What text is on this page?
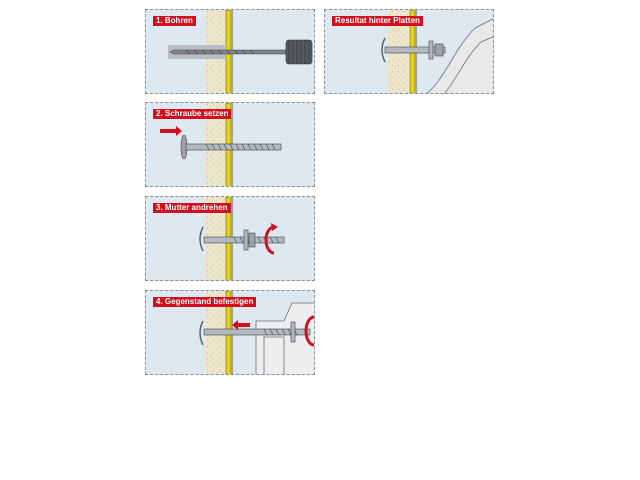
1. Bohren
2. Schraube setzen
3. Mutter andrehen
4. Gegenstand befestigen
Resultat hinter Platten
